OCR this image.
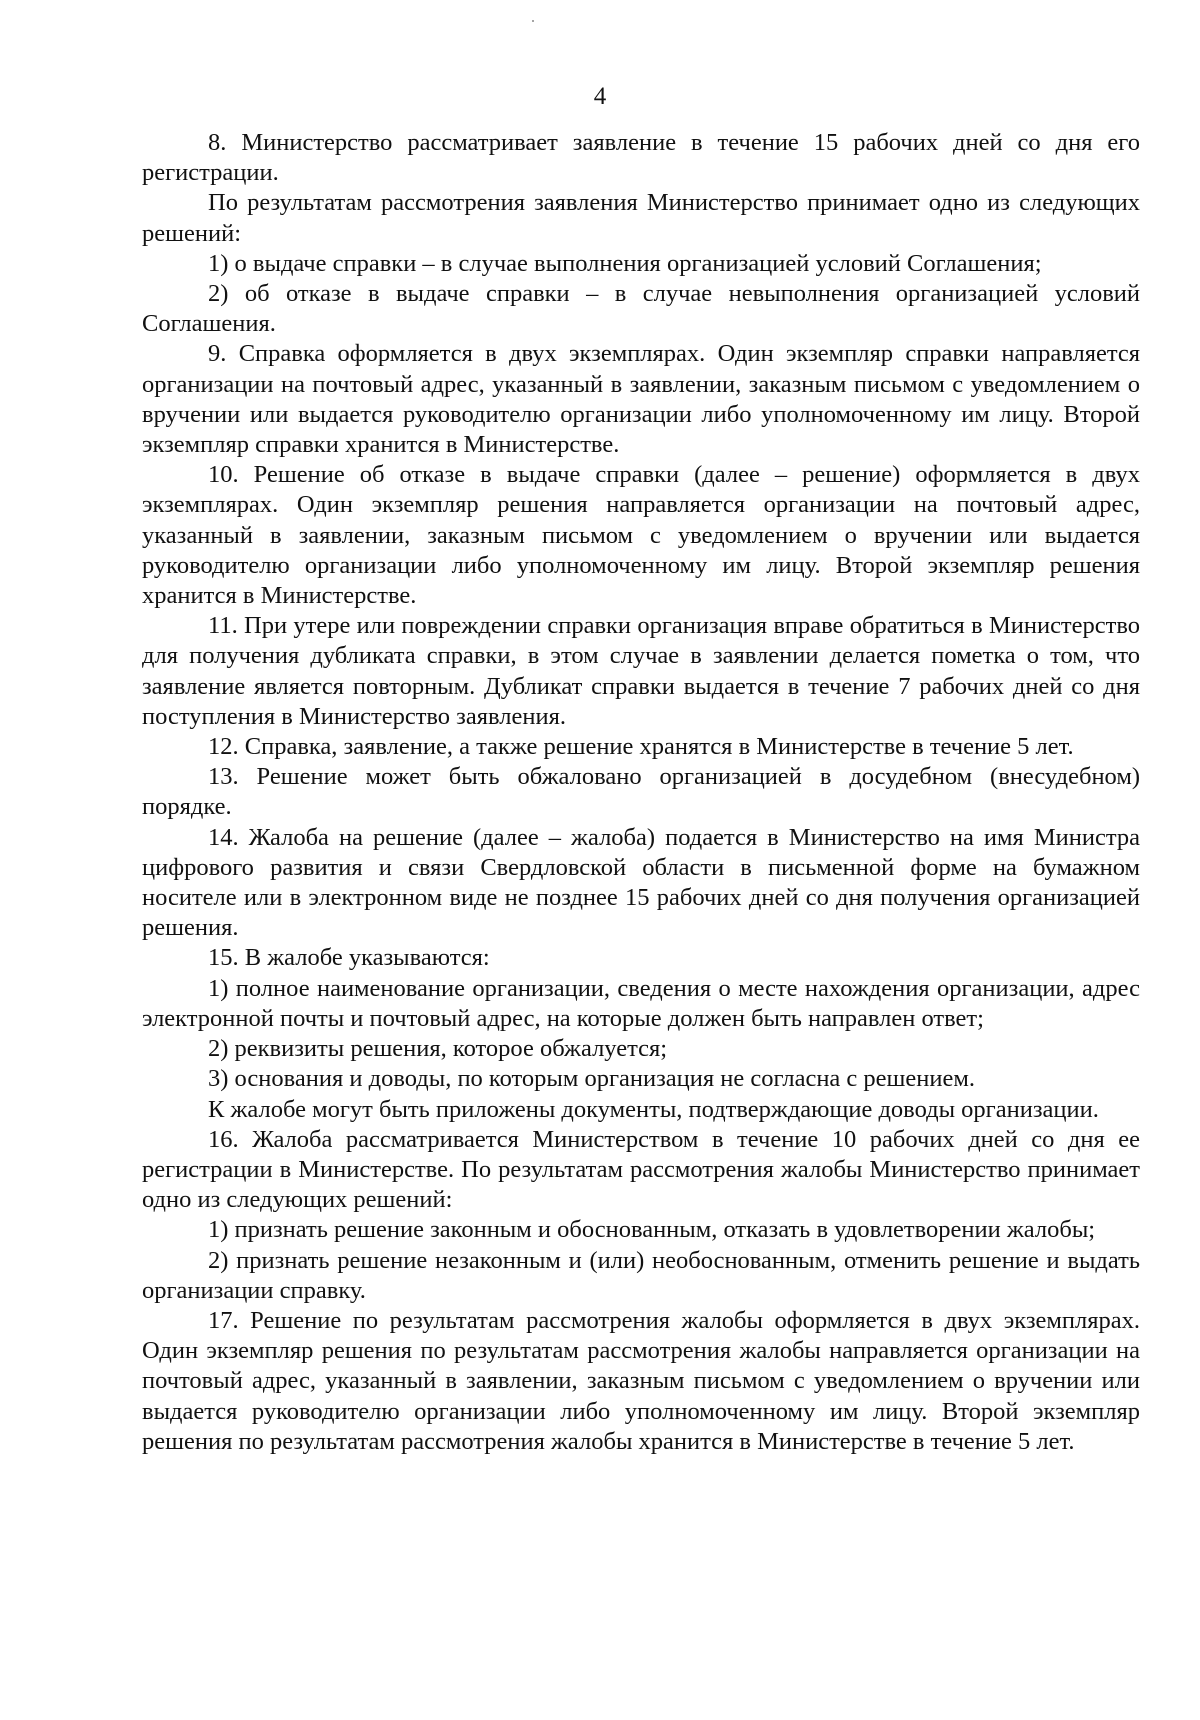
4

8. Министерство рассматривает заявление в течение 15 рабочих дней со дня его регистрации.

По результатам рассмотрения заявления Министерство принимает одно из следующих решений:

1) о выдаче справки – в случае выполнения организацией условий Соглашения;

2) об отказе в выдаче справки – в случае невыполнения организацией условий Соглашения.

9. Справка оформляется в двух экземплярах. Один экземпляр справки направляется организации на почтовый адрес, указанный в заявлении, заказным письмом с уведомлением о вручении или выдается руководителю организации либо уполномоченному им лицу. Второй экземпляр справки хранится в Министерстве.

10. Решение об отказе в выдаче справки (далее – решение) оформляется в двух экземплярах. Один экземпляр решения направляется организации на почтовый адрес, указанный в заявлении, заказным письмом с уведомлением о вручении или выдается руководителю организации либо уполномоченному им лицу. Второй экземпляр решения хранится в Министерстве.

11. При утере или повреждении справки организация вправе обратиться в Министерство для получения дубликата справки, в этом случае в заявлении делается пометка о том, что заявление является повторным. Дубликат справки выдается в течение 7 рабочих дней со дня поступления в Министерство заявления.

12. Справка, заявление, а также решение хранятся в Министерстве в течение 5 лет.

13. Решение может быть обжаловано организацией в досудебном (внесудебном) порядке.

14. Жалоба на решение (далее – жалоба) подается в Министерство на имя Министра цифрового развития и связи Свердловской области в письменной форме на бумажном носителе или в электронном виде не позднее 15 рабочих дней со дня получения организацией решения.

15. В жалобе указываются:

1) полное наименование организации, сведения о месте нахождения организации, адрес электронной почты и почтовый адрес, на которые должен быть направлен ответ;

2) реквизиты решения, которое обжалуется;

3) основания и доводы, по которым организация не согласна с решением.

К жалобе могут быть приложены документы, подтверждающие доводы организации.

16. Жалоба рассматривается Министерством в течение 10 рабочих дней со дня ее регистрации в Министерстве. По результатам рассмотрения жалобы Министерство принимает одно из следующих решений:

1) признать решение законным и обоснованным, отказать в удовлетворении жалобы;

2) признать решение незаконным и (или) необоснованным, отменить решение и выдать организации справку.

17. Решение по результатам рассмотрения жалобы оформляется в двух экземплярах. Один экземпляр решения по результатам рассмотрения жалобы направляется организации на почтовый адрес, указанный в заявлении, заказным письмом с уведомлением о вручении или выдается руководителю организации либо уполномоченному им лицу. Второй экземпляр решения по результатам рассмотрения жалобы хранится в Министерстве в течение 5 лет.
